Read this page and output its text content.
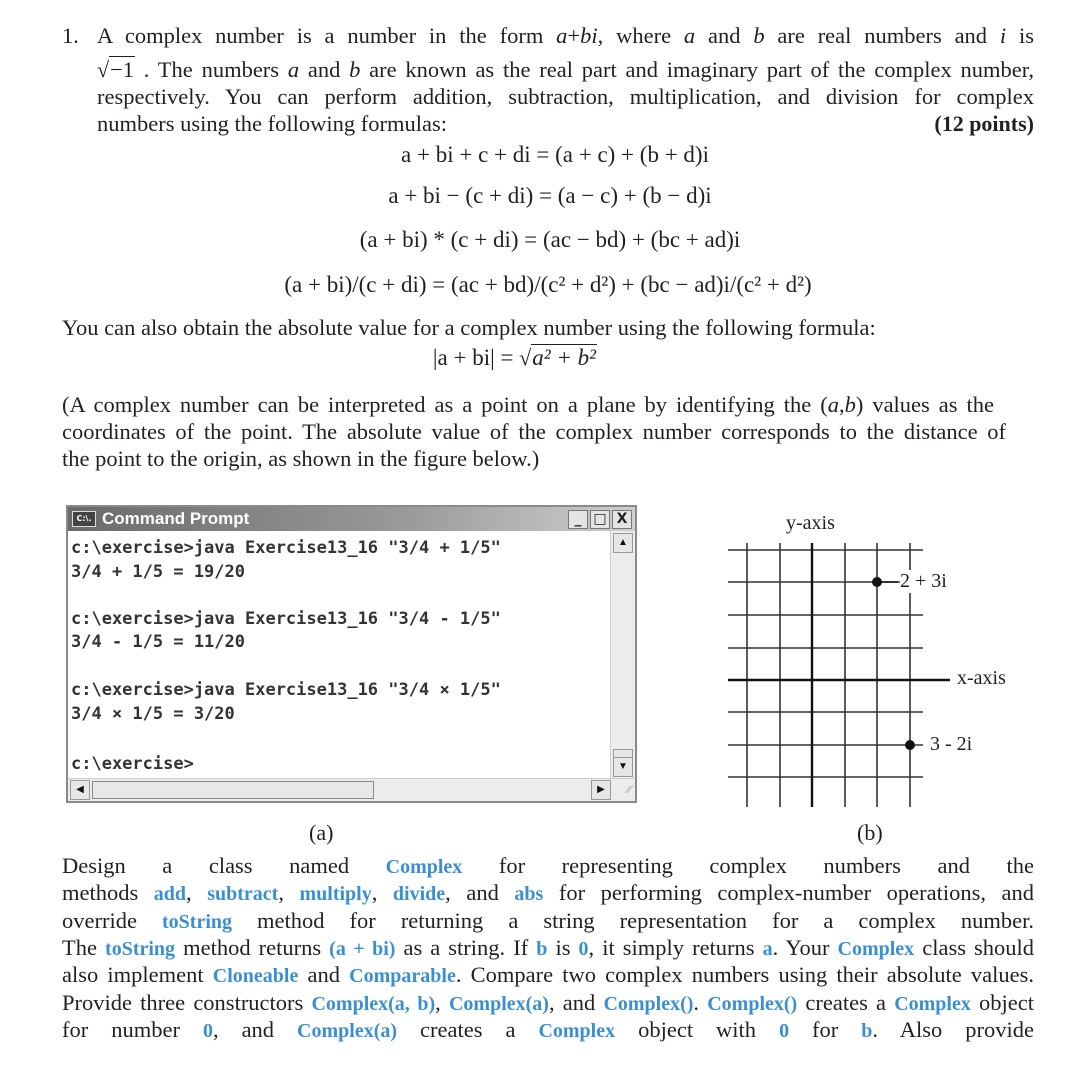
1. A complex number is a number in the form a+bi, where a and b are real numbers and i is
√−1 . The numbers a and b are known as the real part and imaginary part of the complex number,
respectively. You can perform addition, subtraction, multiplication, and division for complex
numbers using the following formulas:	(12 points)
a + bi + c + di = (a + c) + (b + d)i
a + bi − (c + di) = (a − c) + (b − d)i
(a + bi) * (c + di) = (ac − bd) + (bc + ad)i
(a + bi)/(c + di) = (ac + bd)/(c² + d²) + (bc − ad)i/(c² + d²)
You can also obtain the absolute value for a complex number using the following formula:
|a + bi| = √a² + b²
(A complex number can be interpreted as a point on a plane by identifying the (a,b) values as the
coordinates of the point. The absolute value of the complex number corresponds to the distance of
the point to the origin, as shown in the figure below.)
C:\. Command Prompt	_ □ X
c:\exercise>java Exercise13_16 "3/4 + 1/5"
3/4 + 1/5 = 19/20
c:\exercise>java Exercise13_16 "3/4 - 1/5"
3/4 - 1/5 = 11/20
c:\exercise>java Exercise13_16 "3/4 × 1/5"
3/4 × 1/5 = 3/20
c:\exercise>
▲
▼
◀	▶	⁄⁄
y-axis
x-axis
2 + 3i
3 - 2i
(a)	(b)
Design a class named Complex for representing complex numbers and the
methods add, subtract, multiply, divide, and abs for performing complex-number operations, and
override toString method for returning a string representation for a complex number.
The toString method returns (a + bi) as a string. If b is 0, it simply returns a. Your Complex class should
also implement Cloneable and Comparable. Compare two complex numbers using their absolute values.
Provide three constructors Complex(a, b), Complex(a), and Complex(). Complex() creates a Complex object
for number 0, and Complex(a) creates a Complex object with 0 for b. Also provide
